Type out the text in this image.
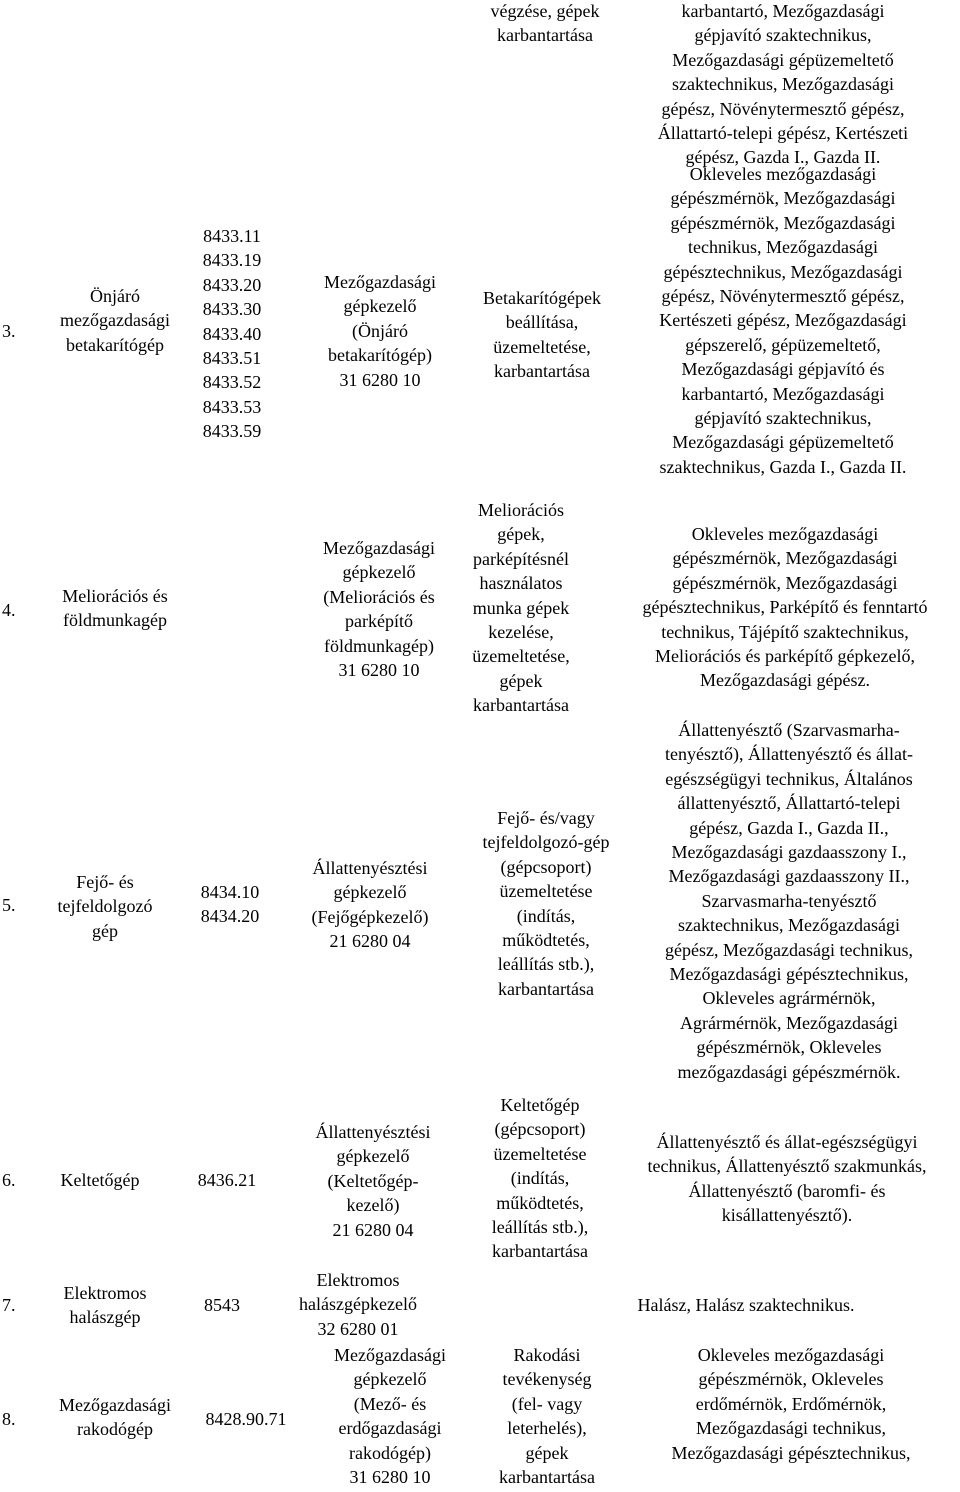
végzése, gépek
karbantartása
karbantartó, Mezőgazdasági
gépjavító szaktechnikus,
Mezőgazdasági gépüzemeltető
szaktechnikus, Mezőgazdasági
gépész, Növénytermesztő gépész,
Állattartó-telepi gépész, Kertészeti
gépész, Gazda I., Gazda II.
3.
Önjáró
mezőgazdasági
betakarítógép
8433.11
8433.19
8433.20
8433.30
8433.40
8433.51
8433.52
8433.53
8433.59
Mezőgazdasági
gépkezelő
(Önjáró
betakarítógép)
31 6280 10
Betakarítógépek
beállítása,
üzemeltetése,
karbantartása
Okleveles mezőgazdasági
gépészmérnök, Mezőgazdasági
gépészmérnök, Mezőgazdasági
technikus, Mezőgazdasági
gépésztechnikus, Mezőgazdasági
gépész, Növénytermesztő gépész,
Kertészeti gépész, Mezőgazdasági
gépszerelő, gépüzemeltető,
Mezőgazdasági gépjavító és
karbantartó, Mezőgazdasági
gépjavító szaktechnikus,
Mezőgazdasági gépüzemeltető
szaktechnikus, Gazda I., Gazda II.
4.
Meliorációs és
földmunkagép
Mezőgazdasági
gépkezelő
(Meliorációs és
parképítő
földmunkagép)
31 6280 10
Meliorációs
gépek,
parképítésnél
használatos
munka gépek
kezelése,
üzemeltetése,
gépek
karbantartása
Okleveles mezőgazdasági
gépészmérnök, Mezőgazdasági
gépészmérnök, Mezőgazdasági
gépésztechnikus, Parképítő és fenntartó
technikus, Tájépítő szaktechnikus,
Meliorációs és parképítő gépkezelő,
Mezőgazdasági gépész.
5.
Fejő- és
tejfeldolgozó
gép
8434.10
8434.20
Állattenyésztési
gépkezelő
(Fejőgépkezelő)
21 6280 04
Fejő- és/vagy
tejfeldolgozó-gép
(gépcsoport)
üzemeltetése
(indítás,
működtetés,
leállítás stb.),
karbantartása
Állattenyésztő (Szarvasmarha-
tenyésztő), Állattenyésztő és állat-
egészségügyi technikus, Általános
állattenyésztő, Állattartó-telepi
gépész, Gazda I., Gazda II.,
Mezőgazdasági gazdaasszony I.,
Mezőgazdasági gazdaasszony II.,
Szarvasmarha-tenyésztő
szaktechnikus, Mezőgazdasági
gépész, Mezőgazdasági technikus,
Mezőgazdasági gépésztechnikus,
Okleveles agrármérnök,
Agrármérnök, Mezőgazdasági
gépészmérnök, Okleveles
mezőgazdasági gépészmérnök.
6.	Keltetőgép	8436.21
Állattenyésztési
gépkezelő
(Keltetőgép-
kezelő)
21 6280 04
Keltetőgép
(gépcsoport)
üzemeltetése
(indítás,
működtetés,
leállítás stb.),
karbantartása
Állattenyésztő és állat-egészségügyi
technikus, Állattenyésztő szakmunkás,
Állattenyésztő (baromfi- és
kisállattenyésztő).
7.
Elektromos
halászgép
8543
Elektromos
halászgépkezelő
32 6280 01
Halász, Halász szaktechnikus.
8.
Mezőgazdasági
rakodógép
8428.90.71
Mezőgazdasági
gépkezelő
(Mező- és
erdőgazdasági
rakodógép)
31 6280 10
Rakodási
tevékenység
(fel- vagy
leterhelés),
gépek
karbantartása
Okleveles mezőgazdasági
gépészmérnök, Okleveles
erdőmérnök, Erdőmérnök,
Mezőgazdasági technikus,
Mezőgazdasági gépésztechnikus,
